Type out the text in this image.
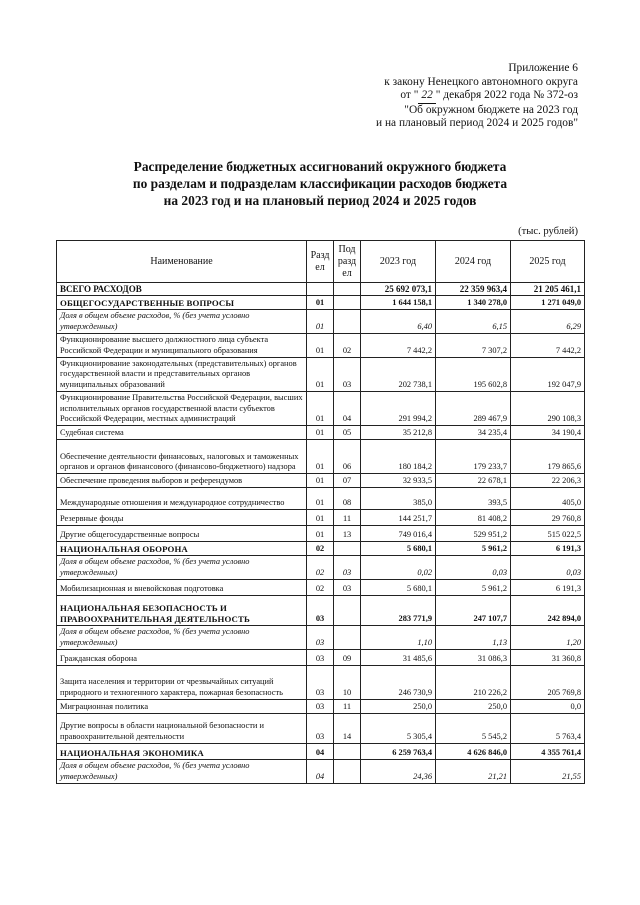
Приложение 6
к закону Ненецкого автономного округа
от " 22 " декабря 2022 года № 372-оз
"Об окружном бюджете на 2023 год
и на плановый период 2024 и 2025 годов"
Распределение бюджетных ассигнований окружного бюджета
по разделам и подразделам классификации расходов бюджета
на 2023 год и на плановый период 2024 и 2025 годов
(тыс. рублей)
Наименование	Раздел	Подраздел	2023 год	2024 год	2025 год
ВСЕГО РАСХОДОВ			25 692 073,1	22 359 963,4	21 205 461,1
ОБЩЕГОСУДАРСТВЕННЫЕ ВОПРОСЫ	01		1 644 158,1	1 340 278,0	1 271 049,0
Доля в общем объеме расходов, % (без учета условно утвержденных)	01		6,40	6,15	6,29
Функционирование высшего должностного лица субъекта Российской Федерации и муниципального образования	01	02	7 442,2	7 307,2	7 442,2
Функционирование законодательных (представительных) органов государственной власти и представительных органов муниципальных образований	01	03	202 738,1	195 602,8	192 047,9
Функционирование Правительства Российской Федерации, высших исполнительных органов государственной власти субъектов Российской Федерации, местных администраций	01	04	291 994,2	289 467,9	290 108,3
Судебная система	01	05	35 212,8	34 235,4	34 190,4
Обеспечение деятельности финансовых, налоговых и таможенных органов и органов финансового (финансово-бюджетного) надзора	01	06	180 184,2	179 233,7	179 865,6
Обеспечение проведения выборов и референдумов	01	07	32 933,5	22 678,1	22 206,3
Международные отношения и международное сотрудничество	01	08	385,0	393,5	405,0
Резервные фонды	01	11	144 251,7	81 408,2	29 760,8
Другие общегосударственные вопросы	01	13	749 016,4	529 951,2	515 022,5
НАЦИОНАЛЬНАЯ ОБОРОНА	02		5 680,1	5 961,2	6 191,3
Доля в общем объеме расходов, % (без учета условно утвержденных)	02	03	0,02	0,03	0,03
Мобилизационная и вневойсковая подготовка	02	03	5 680,1	5 961,2	6 191,3
НАЦИОНАЛЬНАЯ БЕЗОПАСНОСТЬ И ПРАВООХРАНИТЕЛЬНАЯ ДЕЯТЕЛЬНОСТЬ	03		283 771,9	247 107,7	242 894,0
Доля в общем объеме расходов, % (без учета условно утвержденных)	03		1,10	1,13	1,20
Гражданская оборона	03	09	31 485,6	31 086,3	31 360,8
Защита населения и территории от чрезвычайных ситуаций природного и техногенного характера, пожарная безопасность	03	10	246 730,9	210 226,2	205 769,8
Миграционная политика	03	11	250,0	250,0	0,0
Другие вопросы в области национальной безопасности и правоохранительной деятельности	03	14	5 305,4	5 545,2	5 763,4
НАЦИОНАЛЬНАЯ ЭКОНОМИКА	04		6 259 763,4	4 626 846,0	4 355 761,4
Доля в общем объеме расходов, % (без учета условно утвержденных)	04		24,36	21,21	21,55
